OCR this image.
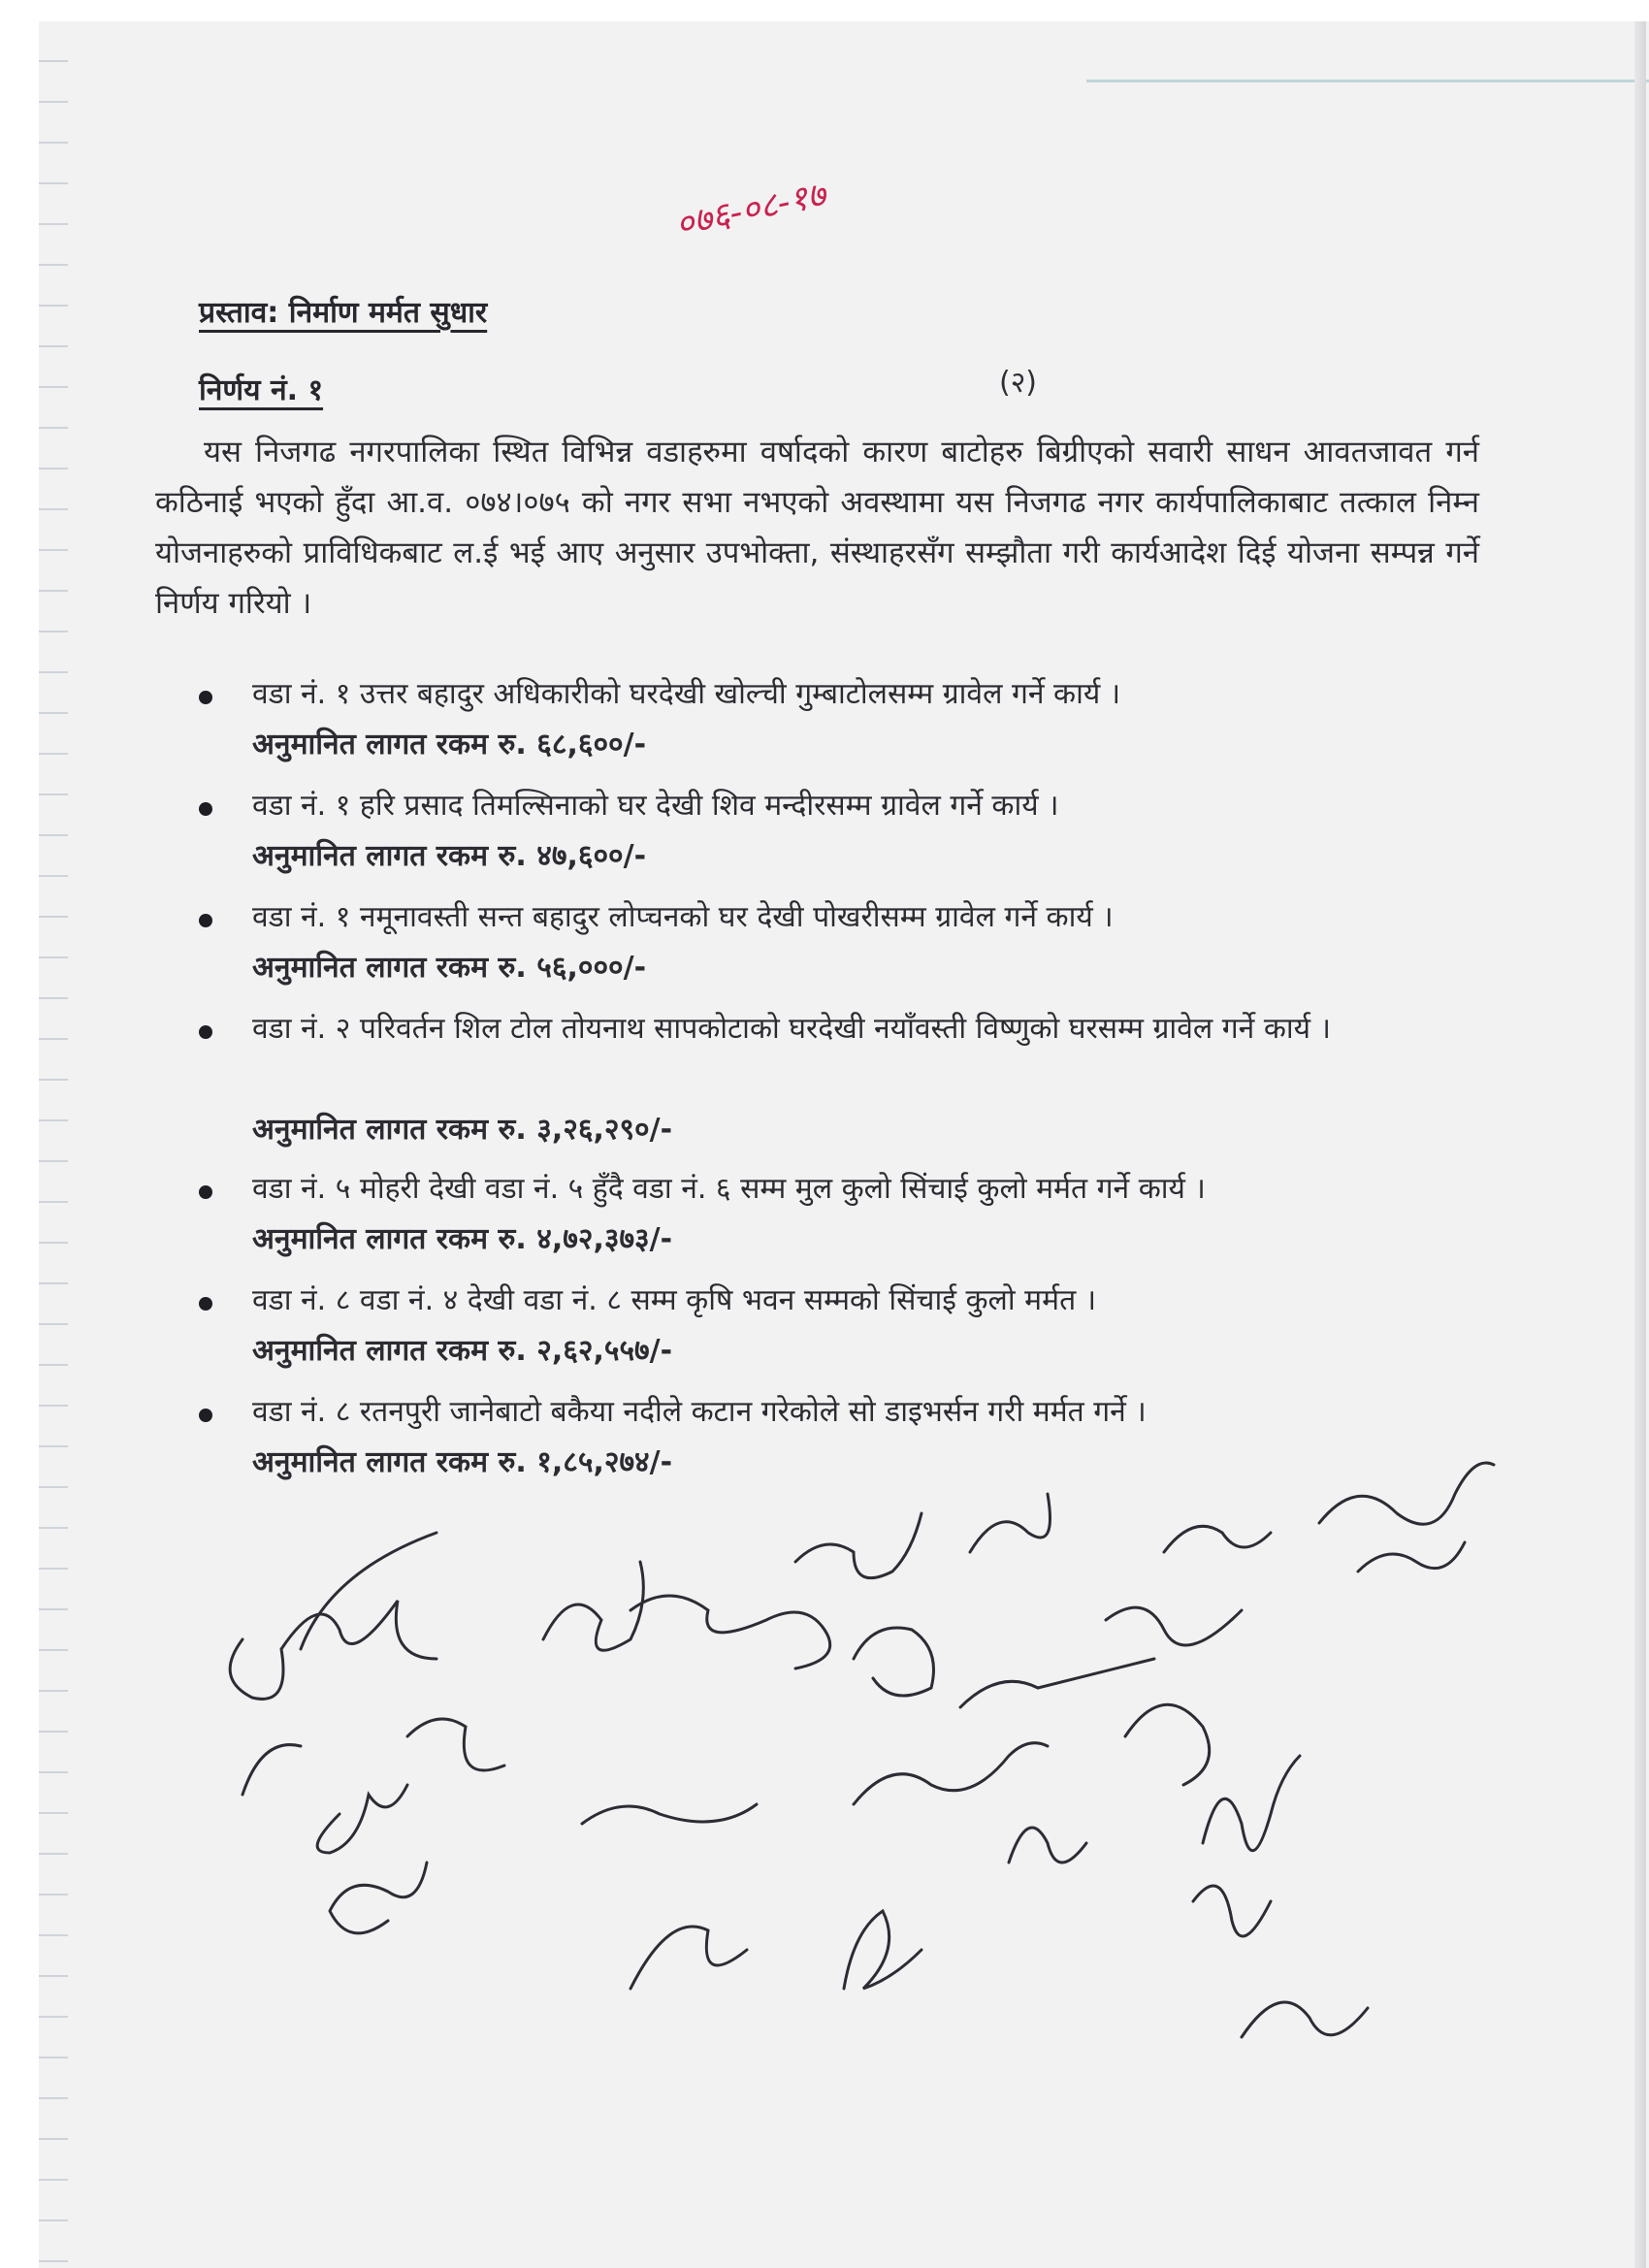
०७६-०८-१७
(२)
प्रस्ताव: निर्माण मर्मत सुधार
निर्णय नं. १
यस निजगढ नगरपालिका स्थित विभिन्न वडाहरुमा वर्षादको कारण बाटोहरु बिग्रीएको सवारी साधन आवतजावत गर्न कठिनाई भएको हुँदा आ.व. ०७४।०७५ को नगर सभा नभएको अवस्थामा यस निजगढ नगर कार्यपालिकाबाट तत्काल निम्न योजनाहरुको प्राविधिकबाट ल.ई भई आए अनुसार उपभोक्ता, संस्थाहरसँग सम्झौता गरी कार्यआदेश दिई योजना सम्पन्न गर्ने निर्णय गरियो ।
वडा नं. १ उत्तर बहादुर अधिकारीको घरदेखी खोल्ची गुम्बाटोलसम्म ग्रावेल गर्ने कार्य ।
अनुमानित लागत रकम रु. ६८,६००/-
वडा नं. १ हरि प्रसाद तिमल्सिनाको घर देखी शिव मन्दीरसम्म ग्रावेल गर्ने कार्य ।
अनुमानित लागत रकम रु. ४७,६००/-
वडा नं. १ नमूनावस्ती सन्त बहादुर लोप्चनको घर देखी पोखरीसम्म ग्रावेल गर्ने कार्य ।
अनुमानित लागत रकम रु. ५६,०००/-
वडा नं. २ परिवर्तन शिल टोल तोयनाथ सापकोटाको घरदेखी नयाँवस्ती विष्णुको घरसम्म ग्रावेल गर्ने कार्य ।
अनुमानित लागत रकम रु. ३,२६,२९०/-
वडा नं. ५ मोहरी देखी वडा नं. ५ हुँदै वडा नं. ६ सम्म मुल कुलो सिंचाई कुलो मर्मत गर्ने कार्य ।
अनुमानित लागत रकम रु. ४,७२,३७३/-
वडा नं. ८ वडा नं. ४ देखी वडा नं. ८ सम्म कृषि भवन सम्मको सिंचाई कुलो मर्मत ।
अनुमानित लागत रकम रु. २,६२,५५७/-
वडा नं. ८ रतनपुरी जानेबाटो बकैया नदीले कटान गरेकोले सो डाइभर्सन गरी मर्मत गर्ने ।
अनुमानित लागत रकम रु. १,८५,२७४/-
